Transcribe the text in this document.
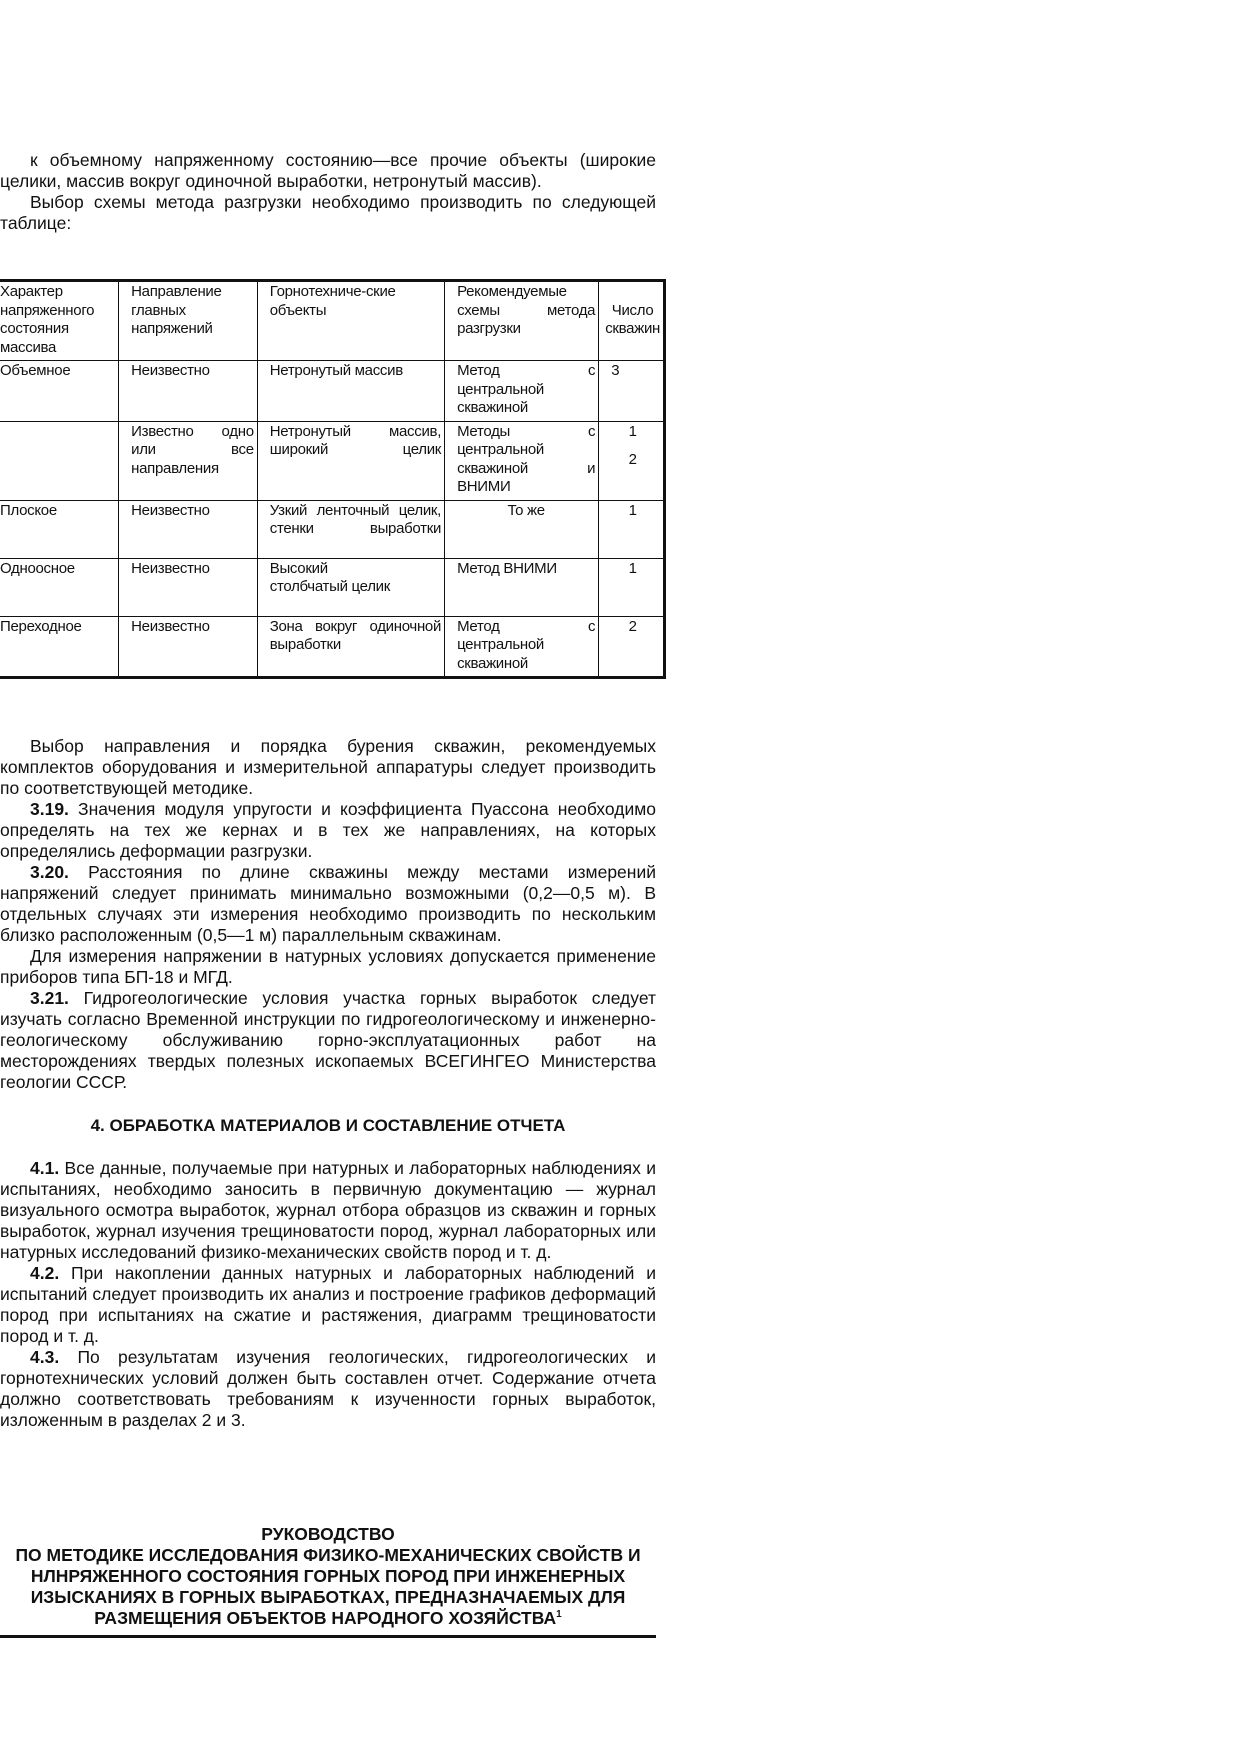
к объемному напряженному состоянию—все прочие объекты (широкие целики, массив вокруг одиночной выработки, нетронутый массив).

Выбор схемы метода разгрузки необходимо производить по следующей таблице:

Характер напряженного состояния массива	Направление главных напряжений	Горнотехниче-ские объекты	Рекомендуемые схемы метода разгрузки	Число скважин
Объемное	Неизвестно	Нетронутый массив	Метод с центральной скважиной	3

	Известно одно или все направления	Нетронутый массив, широкий целик	Методы с центральной скважиной и ВНИМИ	1
2

Плоское	Неизвестно	Узкий ленточный целик, стенки выработки	То же	1
Одноосное	Неизвестно	Высокий столбчатый целик	Метод ВНИМИ	1
Переходное	Неизвестно	Зона вокруг одиночной выработки	Метод с центральной скважиной	2

Выбор направления и порядка бурения скважин, рекомендуемых комплектов оборудования и измерительной аппаратуры следует производить по соответствующей методике.

3.19. Значения модуля упругости и коэффициента Пуассона необходимо определять на тех же кернах и в тех же направлениях, на которых определялись деформации разгрузки.

3.20. Расстояния по длине скважины между местами измерений напряжений следует принимать минимально возможными (0,2—0,5 м). В отдельных случаях эти измерения необходимо производить по нескольким близко расположенным (0,5—1 м) параллельным скважинам.

Для измерения напряжении в натурных условиях допускается применение приборов типа БП-18 и МГД.

3.21. Гидрогеологические условия участка горных выработок следует изучать согласно Временной инструкции по гидрогеологическому и инженерно-геологическому обслуживанию горно-эксплуатационных работ на месторождениях твердых полезных ископаемых ВСЕГИНГЕО Министерства геологии СССР.

4. ОБРАБОТКА МАТЕРИАЛОВ И СОСТАВЛЕНИЕ ОТЧЕТА

4.1. Все данные, получаемые при натурных и лабораторных наблюдениях и испытаниях, необходимо заносить в первичную документацию — журнал визуального осмотра выработок, журнал отбора образцов из скважин и горных выработок, журнал изучения трещиноватости пород, журнал лабораторных или натурных исследований физико-механических свойств пород и т. д.

4.2. При накоплении данных натурных и лабораторных наблюдений и испытаний следует производить их анализ и построение графиков деформаций пород при испытаниях на сжатие и растяжения, диаграмм трещиноватости пород и т. д.

4.3. По результатам изучения геологических, гидрогеологических и горнотехнических условий должен быть составлен отчет. Содержание отчета должно соответствовать требованиям к изученности горных выработок, изложенным в разделах 2 и 3.

РУКОВОДСТВО
ПО МЕТОДИКЕ ИССЛЕДОВАНИЯ ФИЗИКО-МЕХАНИЧЕСКИХ СВОЙСТВ И НЛНРЯЖЕННОГО СОСТОЯНИЯ ГОРНЫХ ПОРОД ПРИ ИНЖЕНЕРНЫХ ИЗЫСКАНИЯХ В ГОРНЫХ ВЫРАБОТКАХ, ПРЕДНАЗНАЧАЕМЫХ ДЛЯ РАЗМЕЩЕНИЯ ОБЪЕКТОВ НАРОДНОГО ХОЗЯЙСТВА$^1$
